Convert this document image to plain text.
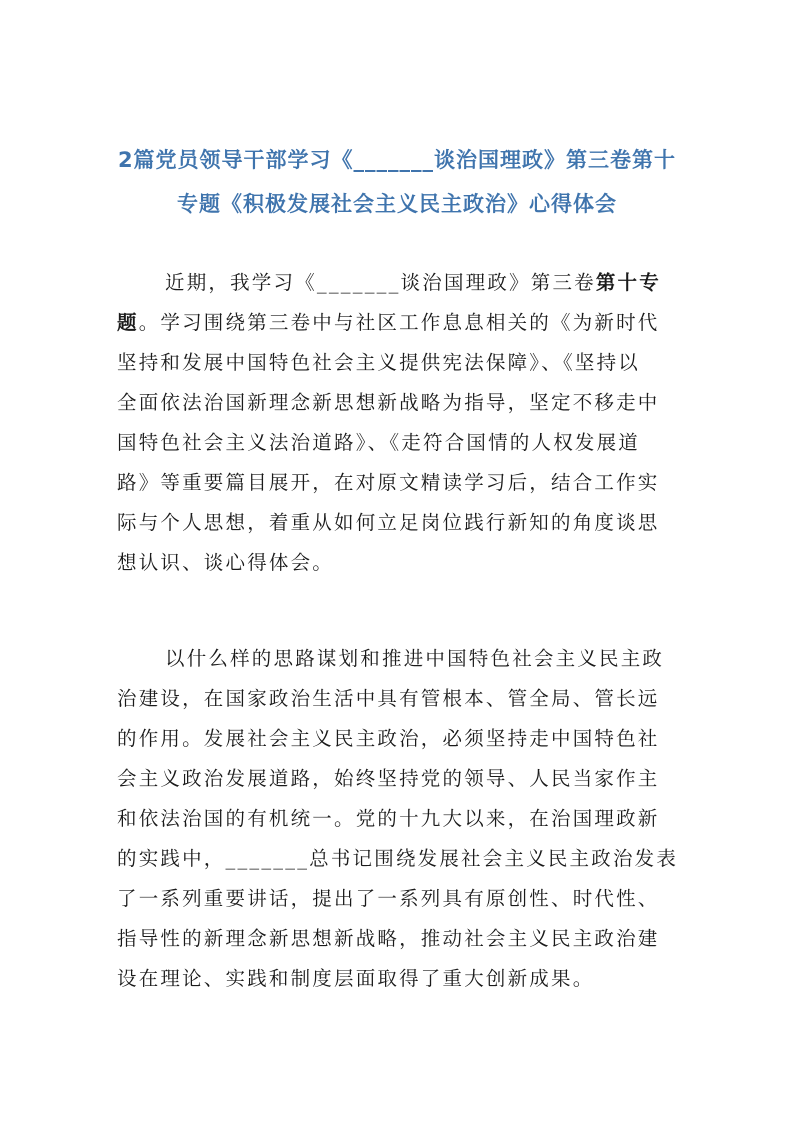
2篇党员领导干部学习《_______谈治国理政》第三卷第十
专题《积极发展社会主义民主政治》心得体会
近期，我学习《_______谈治国理政》第三卷第十专
题。学习围绕第三卷中与社区工作息息相关的《为新时代
坚持和发展中国特色社会主义提供宪法保障》、《坚持以
全面依法治国新理念新思想新战略为指导，坚定不移走中
国特色社会主义法治道路》、《走符合国情的人权发展道
路》等重要篇目展开，在对原文精读学习后，结合工作实
际与个人思想，着重从如何立足岗位践行新知的角度谈思
想认识、谈心得体会。
以什么样的思路谋划和推进中国特色社会主义民主政
治建设，在国家政治生活中具有管根本、管全局、管长远
的作用。发展社会主义民主政治，必须坚持走中国特色社
会主义政治发展道路，始终坚持党的领导、人民当家作主
和依法治国的有机统一。党的十九大以来，在治国理政新
的实践中，_______总书记围绕发展社会主义民主政治发表
了一系列重要讲话，提出了一系列具有原创性、时代性、
指导性的新理念新思想新战略，推动社会主义民主政治建
设在理论、实践和制度层面取得了重大创新成果。
